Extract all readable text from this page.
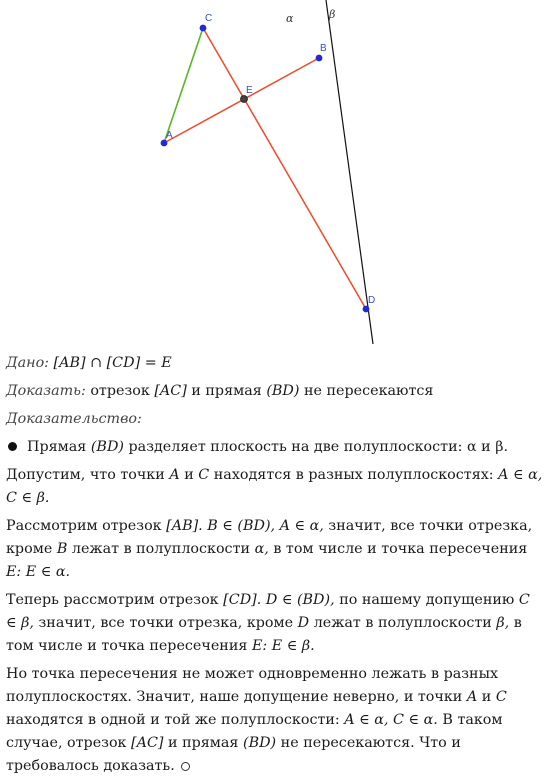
A
B
C
D
E
α	β

Дано: [AB] ∩ [CD] = E

Доказать: отрезок [AC] и прямая (BD) не пересекаются

Доказательство:

Прямая (BD) разделяет плоскость на две полуплоскости: α и β.

Допустим, что точки A и C находятся в разных полуплоскостях: A ∈ α, C ∈ β.

Рассмотрим отрезок [AB]. B ∈ (BD), A ∈ α, значит, все точки отрезка, кроме B лежат в полуплоскости α, в том числе и точка пересечения E: E ∈ α.

Теперь рассмотрим отрезок [CD]. D ∈ (BD), по нашему допущению C ∈ β, значит, все точки отрезка, кроме D лежат в полуплоскости β, в том числе и точка пересечения E: E ∈ β.

Но точка пересечения не может одновременно лежать в разных полуплоскостях. Значит, наше допущение неверно, и точки A и C находятся в одной и той же полуплоскости: A ∈ α, C ∈ α. В таком случае, отрезок [AC] и прямая (BD) не пересекаются. Что и требовалось доказать.
